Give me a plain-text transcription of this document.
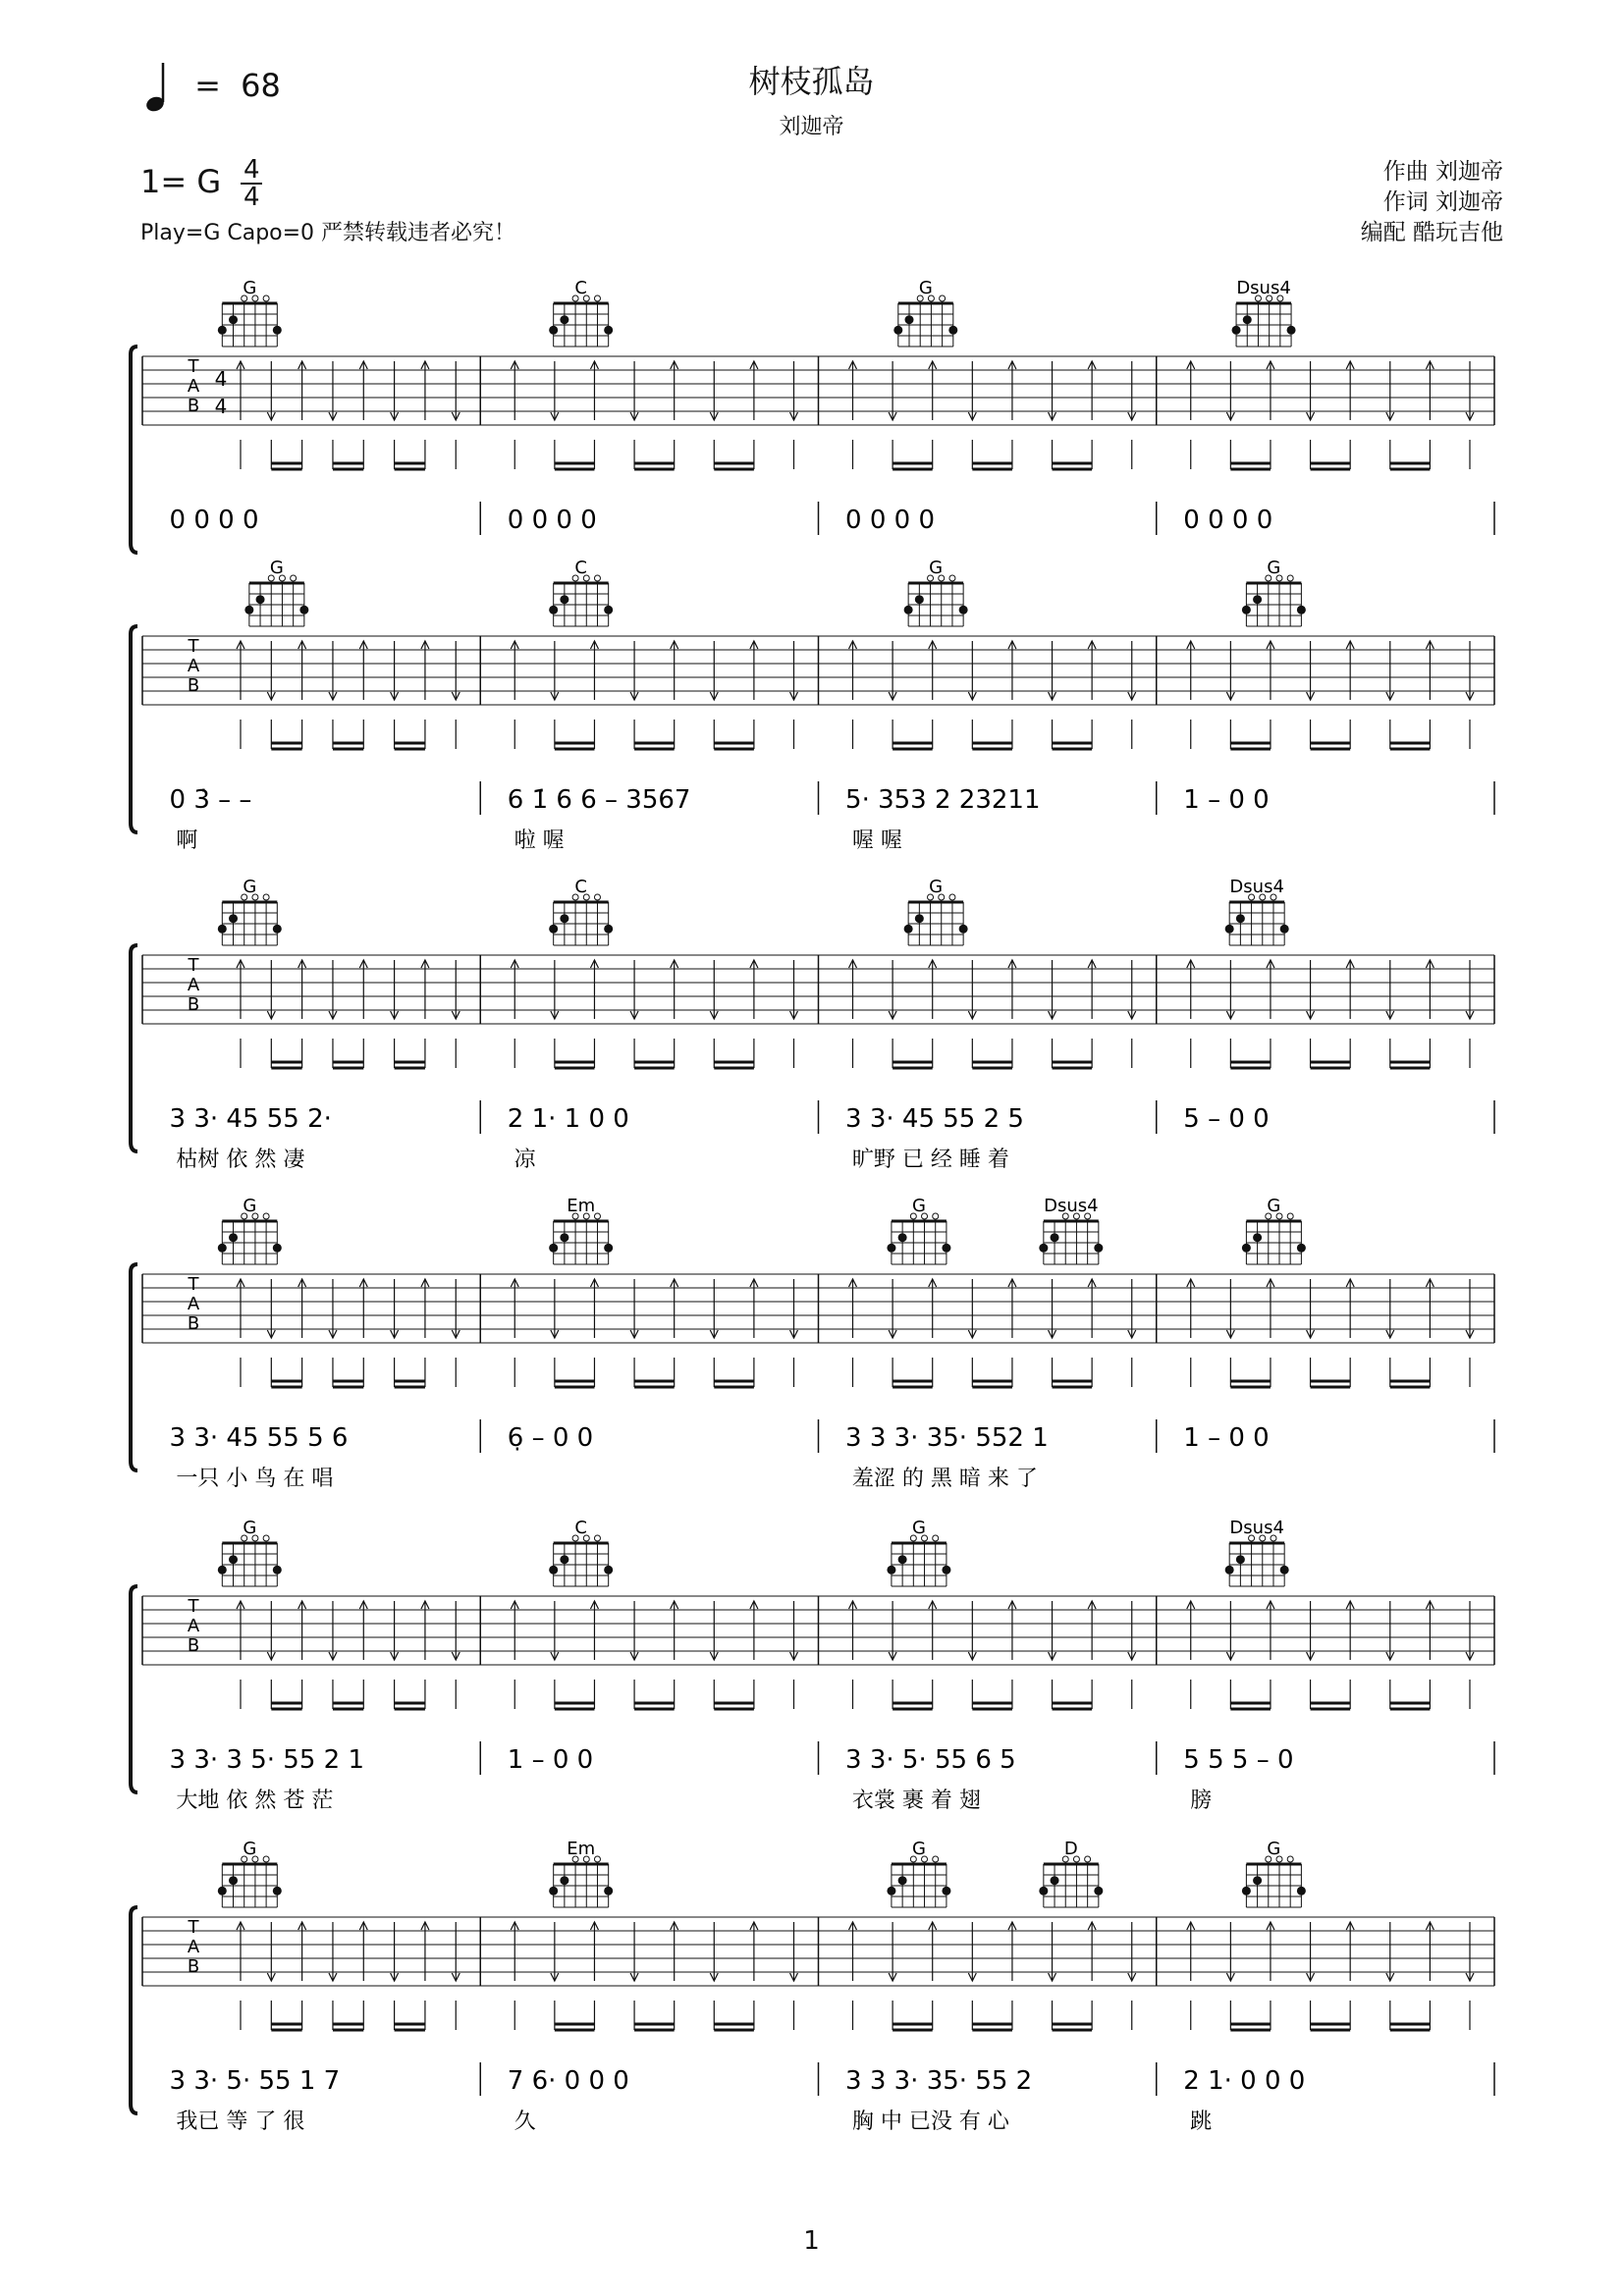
树枝孤岛
刘迦帝
= 68
1= G $\frac{4}{4}$
Play=G Capo=0 严禁转载违者必究！
作曲 刘迦帝
作词 刘迦帝
编配 酷玩吉他
T
A
B
4
4
0 0 0 0	0 0 0 0	0 0 0 0	0 0 0 0
G	C	G	Dsus4
T
A
B
0 3̇ – –
啊
6 1̇ 6 6 – 3567
啦 喔
5· 353 2 23211
喔 喔
1 – 0 0
G	C	G	G
T
A
B
3 3· 45 55 2·
枯树 依 然 凄
2 1· 1 0 0
凉
3 3· 45 55 2 5
旷野 已 经 睡 着
5 – 0 0
G	C	G	Dsus4
T
A
B
3 3· 45 55 5 6
一只 小 鸟 在 唱
6̣ – 0 0	3 3 3· 35· 552 1
羞涩 的 黑 暗 来 了
1 – 0 0
G	Em	G	Dsus4	G
T
A
B
3 3· 3 5· 55 2 1
大地 依 然 苍 茫
1 – 0 0	3 3· 5· 55 6 5
衣裳 裹 着 翅
5 5 5 – 0
膀
G	C	G	Dsus4
T
A
B
3 3· 5· 55 1 7
我已 等 了 很
7 6· 0 0 0
久
3 3 3· 35· 55 2
胸 中 已没 有 心
2 1· 0 0 0
跳
G	Em	G	D	G
1
